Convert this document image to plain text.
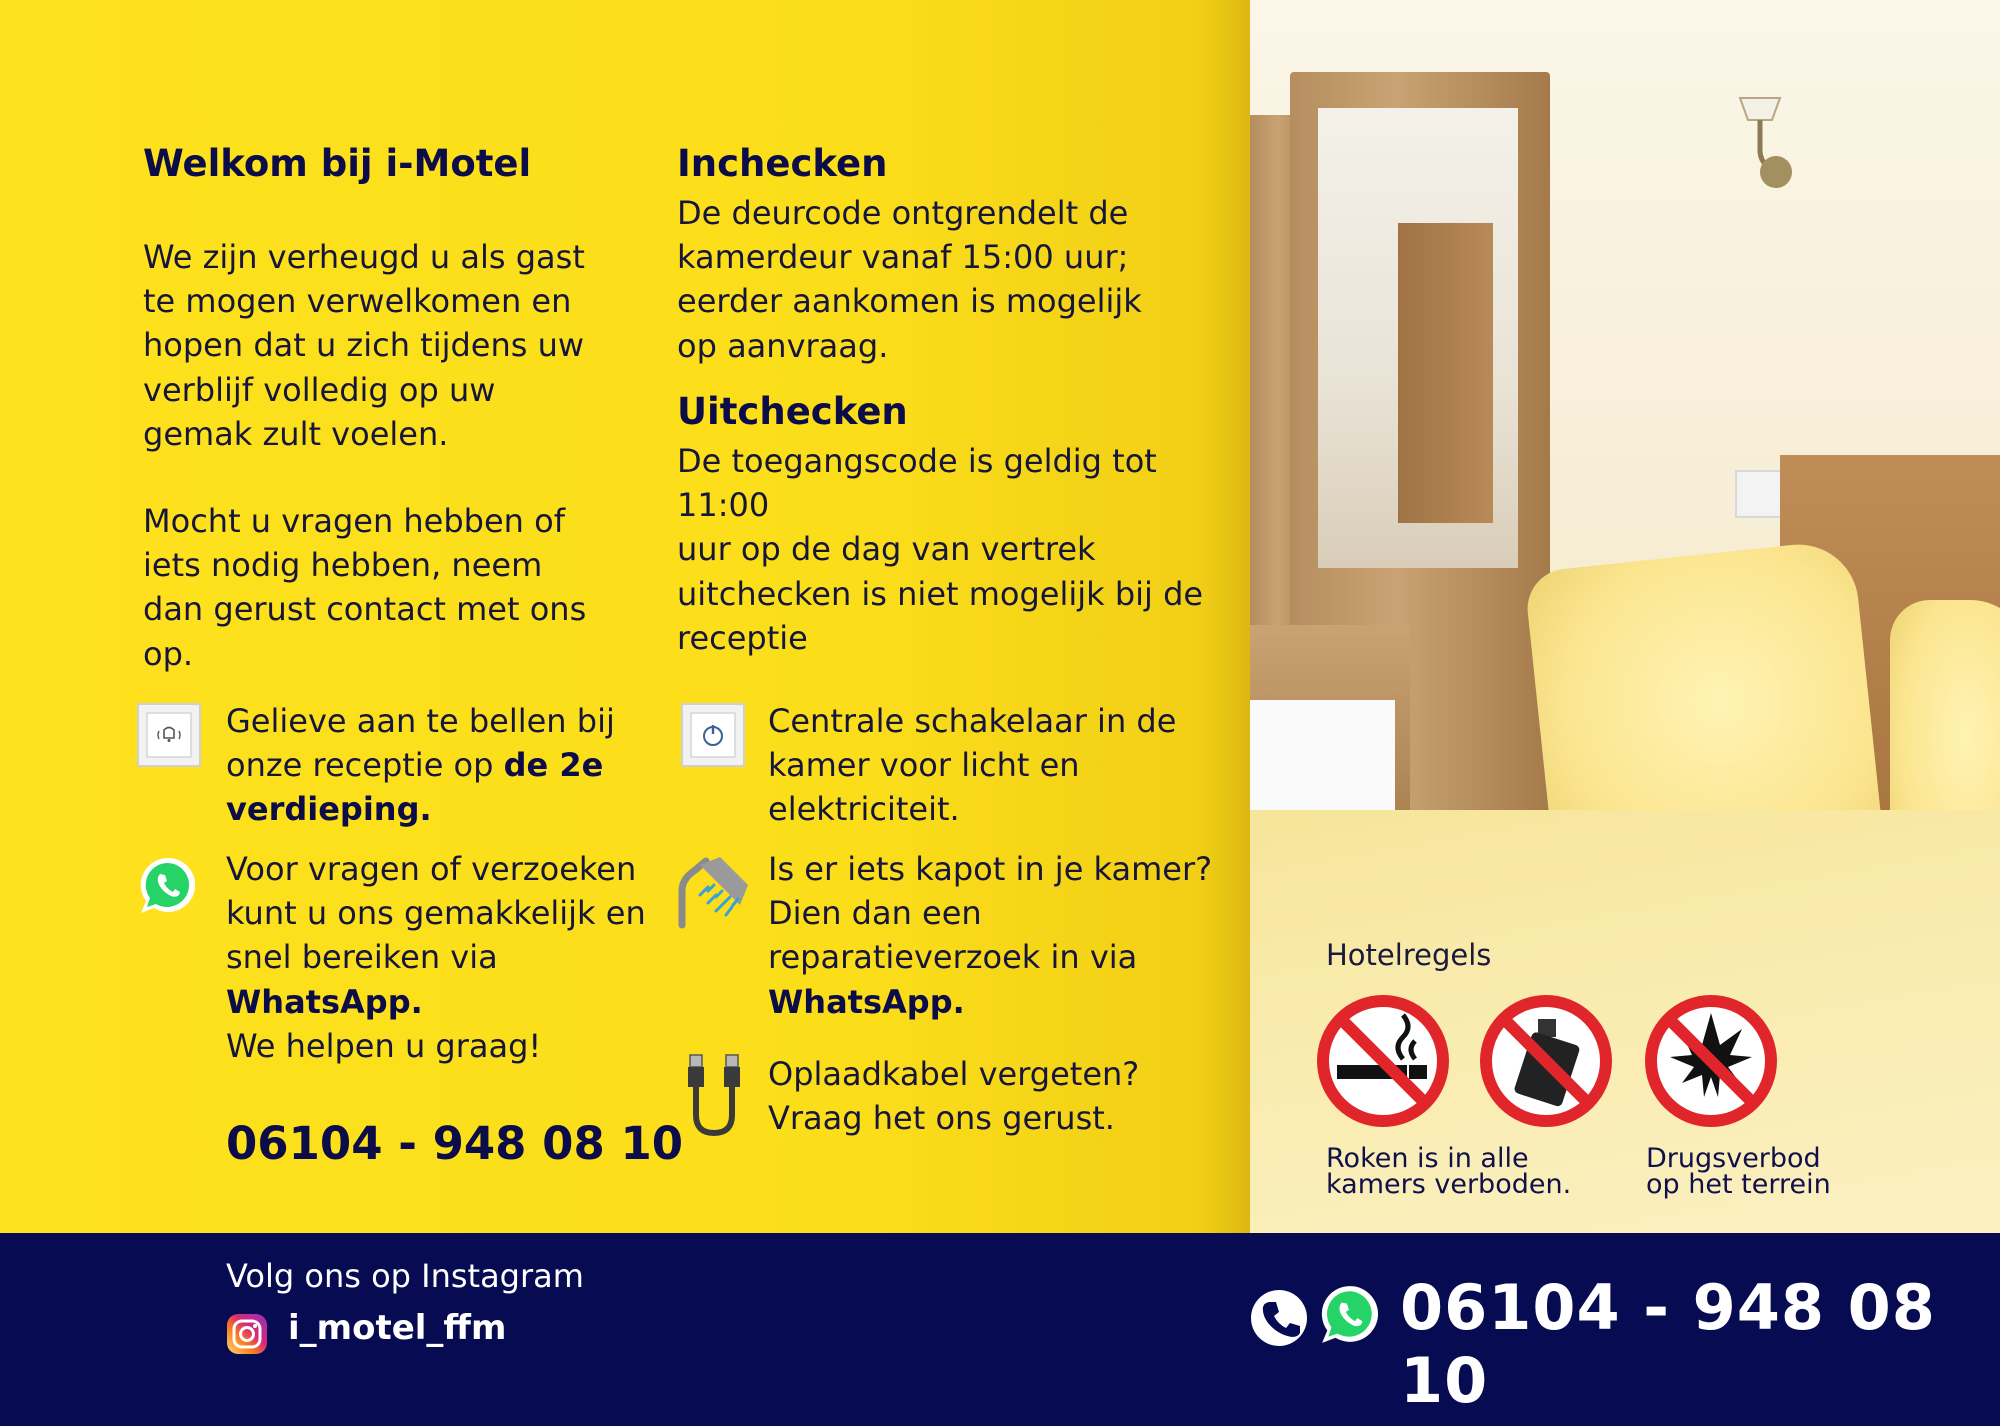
Welkom bij i-Motel
We zijn verheugd u als gast
te mogen verwelkomen en
hopen dat u zich tijdens uw
verblijf volledig op uw
gemak zult voelen.
Mocht u vragen hebben of
iets nodig hebben, neem
dan gerust contact met ons
op.
Inchecken
De deurcode ontgrendelt de
kamerdeur vanaf 15:00 uur;
eerder aankomen is mogelijk
op aanvraag.
Uitchecken
De toegangscode is geldig tot 11:00
uur op de dag van vertrek
uitchecken is niet mogelijk bij de
receptie
Gelieve aan te bellen bij
onze receptie op de 2e
verdieping.
Centrale schakelaar in de
kamer voor licht en
elektriciteit.
Voor vragen of verzoeken
kunt u ons gemakkelijk en
snel bereiken via
WhatsApp.
We helpen u graag!
Is er iets kapot in je kamer?
Dien dan een
reparatieverzoek in via
WhatsApp.
Oplaadkabel vergeten?
Vraag het ons gerust.
06104 - 948 08 10

Hotelregels

Roken is in alle
kamers verboden.
Drugsverbod
op het terrein

Volg ons op Instagram

i_motel_ffm	06104 - 948 08 10
